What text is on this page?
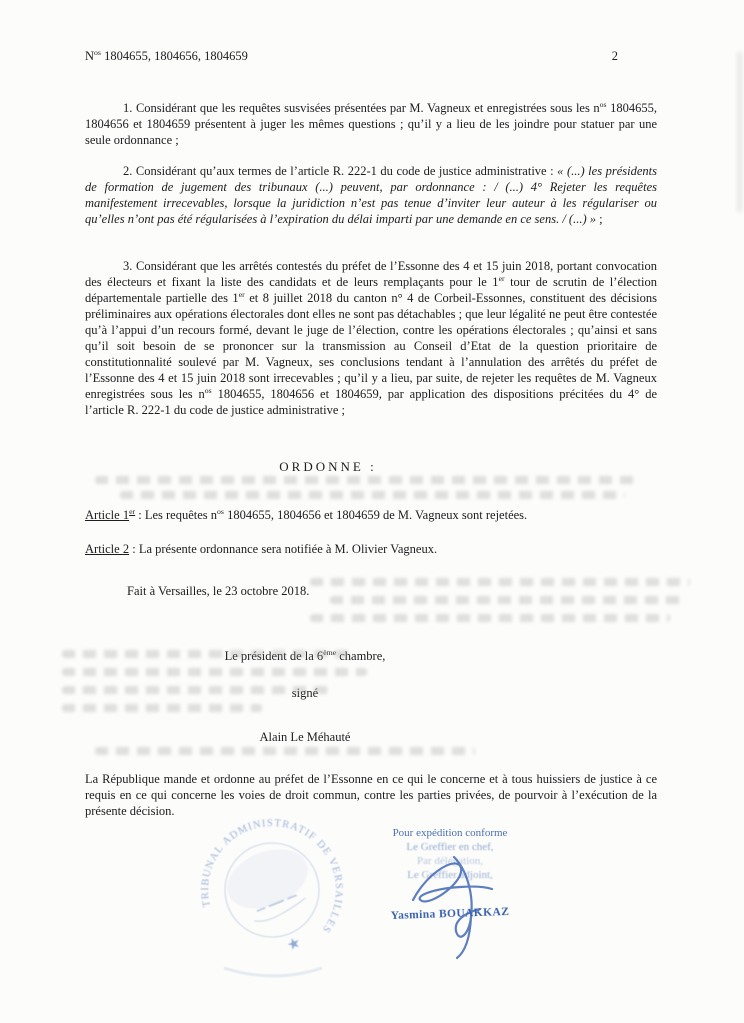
$N^{os}$ 1804655, 1804656, 1804659	2

1. Considérant que les requêtes susvisées présentées par M. Vagneux et enregistrées sous les $n^{os}$ 1804655, 1804656 et 1804659 présentent à juger les mêmes questions ; qu’il y a lieu de les joindre pour statuer par une seule ordonnance ;

2. Considérant qu’aux termes de l’article R. 222-1 du code de justice administrative : « (...) les présidents de formation de jugement des tribunaux (...) peuvent, par ordonnance : / (...) 4° Rejeter les requêtes manifestement irrecevables, lorsque la juridiction n’est pas tenue d’inviter leur auteur à les régulariser ou qu’elles n’ont pas été régularisées à l’expiration du délai imparti par une demande en ce sens. / (...) » ;

3. Considérant que les arrêtés contestés du préfet de l’Essonne des 4 et 15 juin 2018, portant convocation des électeurs et fixant la liste des candidats et de leurs remplaçants pour le 1er tour de scrutin de l’élection départementale partielle des 1er et 8 juillet 2018 du canton n° 4 de Corbeil-Essonnes, constituent des décisions préliminaires aux opérations électorales dont elles ne sont pas détachables ; que leur légalité ne peut être contestée qu’à l’appui d’un recours formé, devant le juge de l’élection, contre les opérations électorales ; qu’ainsi et sans qu’il soit besoin de se prononcer sur la transmission au Conseil d’Etat de la question prioritaire de constitutionnalité soulevé par M. Vagneux, ses conclusions tendant à l’annulation des arrêtés du préfet de l’Essonne des 4 et 15 juin 2018 sont irrecevables ; qu’il y a lieu, par suite, de rejeter les requêtes de M. Vagneux enregistrées sous les $n^{os}$ 1804655, 1804656 et 1804659, par application des dispositions précitées du 4° de l’article R. 222-1 du code de justice administrative ;

ORDONNE :

Article 1er : Les requêtes $n^{os}$ 1804655, 1804656 et 1804659 de M. Vagneux sont rejetées.

Article 2 : La présente ordonnance sera notifiée à M. Olivier Vagneux.

Fait à Versailles, le 23 octobre 2018.

Le président de la 6ème chambre,

signé

Alain Le Méhauté

La République mande et ordonne au préfet de l’Essonne en ce qui le concerne et à tous huissiers de justice à ce requis en ce qui concerne les voies de droit commun, contre les parties privées, de pourvoir à l’exécution de la présente décision.

Pour expédition conforme
Le Greffier en chef,
Par délégation,
Le Greffier adjoint,
Yasmina BOUAKKAZ
TRIBUNAL ADMINISTRATIF DE VERSAILLES
★
